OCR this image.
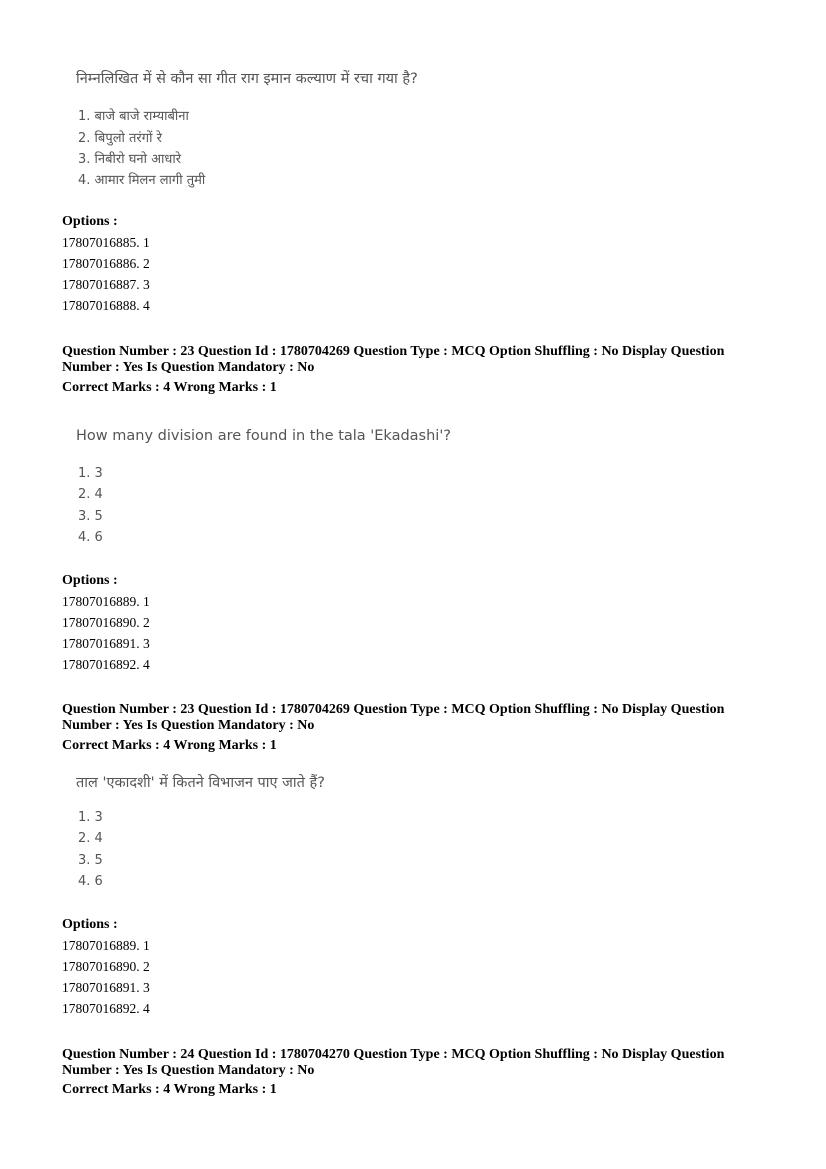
निम्नलिखित में से कौन सा गीत राग इमान कल्याण में रचा गया है?
1. बाजे बाजे राम्याबीना
2. बिपुलो तरंगों रे
3. निबीरो घनो आधारे
4. आमार मिलन लागी तुमी
Options :
17807016885. 1
17807016886. 2
17807016887. 3
17807016888. 4
Question Number : 23 Question Id : 1780704269 Question Type : MCQ Option Shuffling : No Display Question
Number : Yes Is Question Mandatory : No
Correct Marks : 4 Wrong Marks : 1
How many division are found in the tala 'Ekadashi'?
1. 3
2. 4
3. 5
4. 6
Options :
17807016889. 1
17807016890. 2
17807016891. 3
17807016892. 4
Question Number : 23 Question Id : 1780704269 Question Type : MCQ Option Shuffling : No Display Question
Number : Yes Is Question Mandatory : No
Correct Marks : 4 Wrong Marks : 1
ताल 'एकादशी' में कितने विभाजन पाए जाते हैं?
1. 3
2. 4
3. 5
4. 6
Options :
17807016889. 1
17807016890. 2
17807016891. 3
17807016892. 4
Question Number : 24 Question Id : 1780704270 Question Type : MCQ Option Shuffling : No Display Question
Number : Yes Is Question Mandatory : No
Correct Marks : 4 Wrong Marks : 1
